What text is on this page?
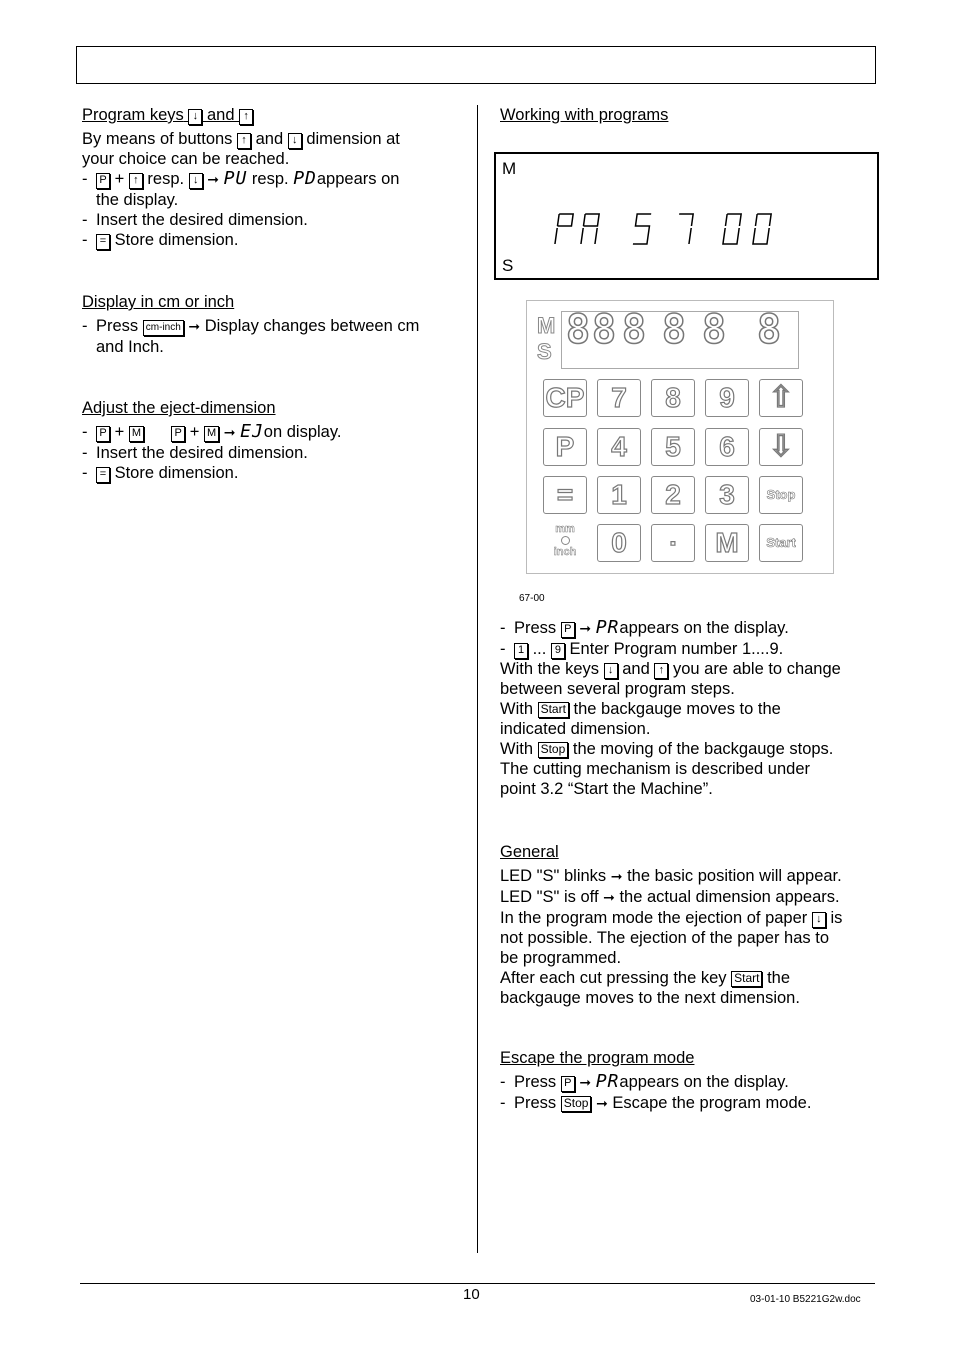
Program keys ↓ and ↑
By means of buttons ↑ and ↓ dimension at
your choice can be reached.
- P + ↑ resp. ↓ ➞ PU resp. PDappears on
the display.
- Insert the desired dimension.
- = Store dimension.
Display in cm or inch
- Press cm-inch ➞ Display changes between cm
and Inch.
Adjust the eject-dimension
- P + M	P + M ➞ EJon display.
- Insert the desired dimension.
- = Store dimension.
Working with programs
M
S
M
S 8 8 8 8 8 8
CP 7	8	9	⇧
P	4	5	6	⇩
=	1	2	3	Stop
mm
inch	0	▫	M	Start
67-00
- Press P ➞ PRappears on the display.
- 1 ... 9 Enter Program number 1....9.
With the keys ↓ and ↑ you are able to change
between several program steps.
With Start the backgauge moves to the
indicated dimension.
With Stop the moving of the backgauge stops.
The cutting mechanism is described under
point 3.2 “Start the Machine”.
General
LED "S" blinks ➞ the basic position will appear.
LED "S" is off ➞ the actual dimension appears.
In the program mode the ejection of paper ↓ is
not possible. The ejection of the paper has to
be programmed.
After each cut pressing the key Start the
backgauge moves to the next dimension.
Escape the program mode
- Press P ➞ PRappears on the display.
- Press Stop ➞ Escape the program mode.
10	03-01-10 B5221G2w.doc
